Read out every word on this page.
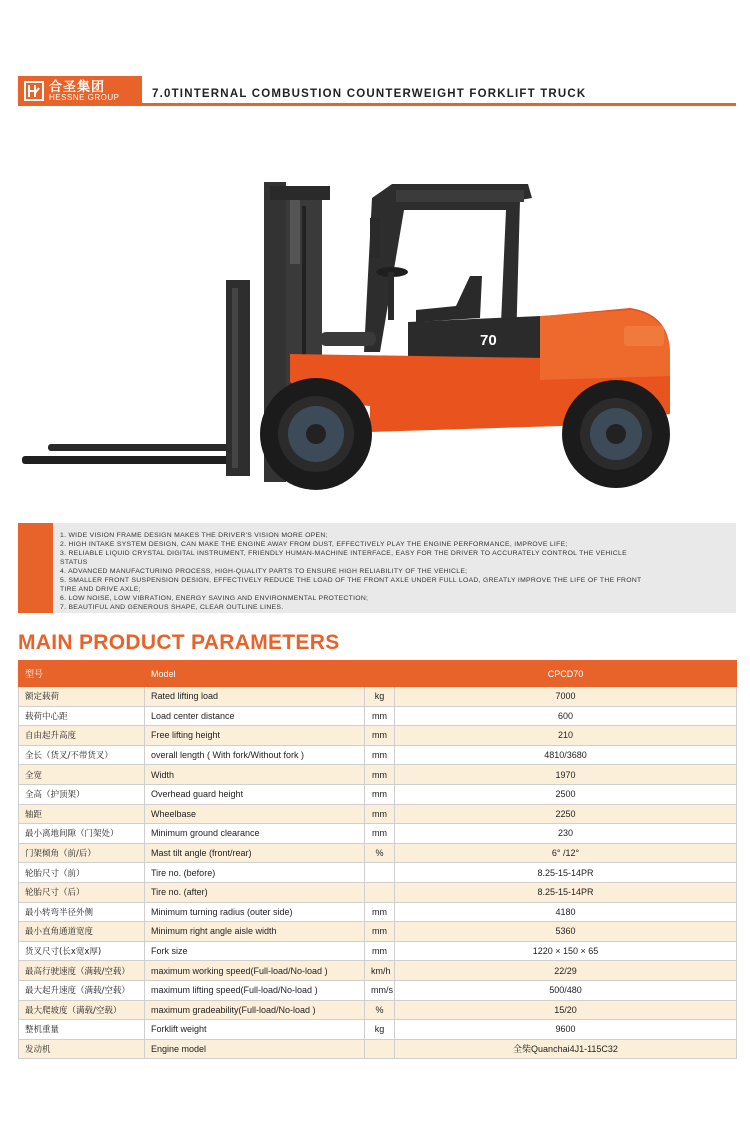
合圣集团
HESSNE GROUP	7.0TINTERNAL COMBUSTION COUNTERWEIGHT FORKLIFT TRUCK
70
1. WIDE VISION FRAME DESIGN MAKES THE DRIVER'S VISION MORE OPEN;
2. HIGH INTAKE SYSTEM DESIGN, CAN MAKE THE ENGINE AWAY FROM DUST, EFFECTIVELY PLAY THE ENGINE PERFORMANCE, IMPROVE LIFE;
3. RELIABLE LIQUID CRYSTAL DIGITAL INSTRUMENT, FRIENDLY HUMAN-MACHINE INTERFACE, EASY FOR THE DRIVER TO ACCURATELY CONTROL THE VEHICLE
STATUS
4. ADVANCED MANUFACTURING PROCESS, HIGH-QUALITY PARTS TO ENSURE HIGH RELIABILITY OF THE VEHICLE;
5. SMALLER FRONT SUSPENSION DESIGN, EFFECTIVELY REDUCE THE LOAD OF THE FRONT AXLE UNDER FULL LOAD, GREATLY IMPROVE THE LIFE OF THE FRONT
TIRE AND DRIVE AXLE;
6. LOW NOISE, LOW VIBRATION, ENERGY SAVING AND ENVIRONMENTAL PROTECTION;
7. BEAUTIFUL AND GENEROUS SHAPE, CLEAR OUTLINE LINES.
MAIN PRODUCT PARAMETERS
型号	Model		CPCD70
额定载荷	Rated lifting load	kg	7000
载荷中心距	Load center distance	mm	600
自由起升高度	Free lifting height	mm	210
全长（货叉/不带货叉）	overall length ( With fork/Without fork )	mm	4810/3680
全宽	Width	mm	1970
全高（护顶架）	Overhead guard height	mm	2500
轴距	Wheelbase	mm	2250
最小离地间隙（门架处）	Minimum ground clearance	mm	230
门架倾角（前/后）	Mast tilt angle (front/rear)	%	6° /12°
轮胎尺寸（前）	Tire no. (before)		8.25-15-14PR
轮胎尺寸（后）	Tire no. (after)		8.25-15-14PR
最小转弯半径外侧	Minimum turning radius (outer side)	mm	4180
最小直角通道宽度	Minimum right angle aisle width	mm	5360
货叉尺寸(长x宽x厚)	Fork size	mm	1220 × 150 × 65
最高行驶速度（满载/空载）	maximum working speed(Full-load/No-load )	km/h	22/29
最大起升速度（满载/空载）	maximum lifting speed(Full-load/No-load )	mm/s	500/480
最大爬坡度（满载/空载）	maximum gradeability(Full-load/No-load )	%	15/20
整机重量	Forklift weight	kg	9600
发动机	Engine model		全柴Quanchai4J1-115C32
